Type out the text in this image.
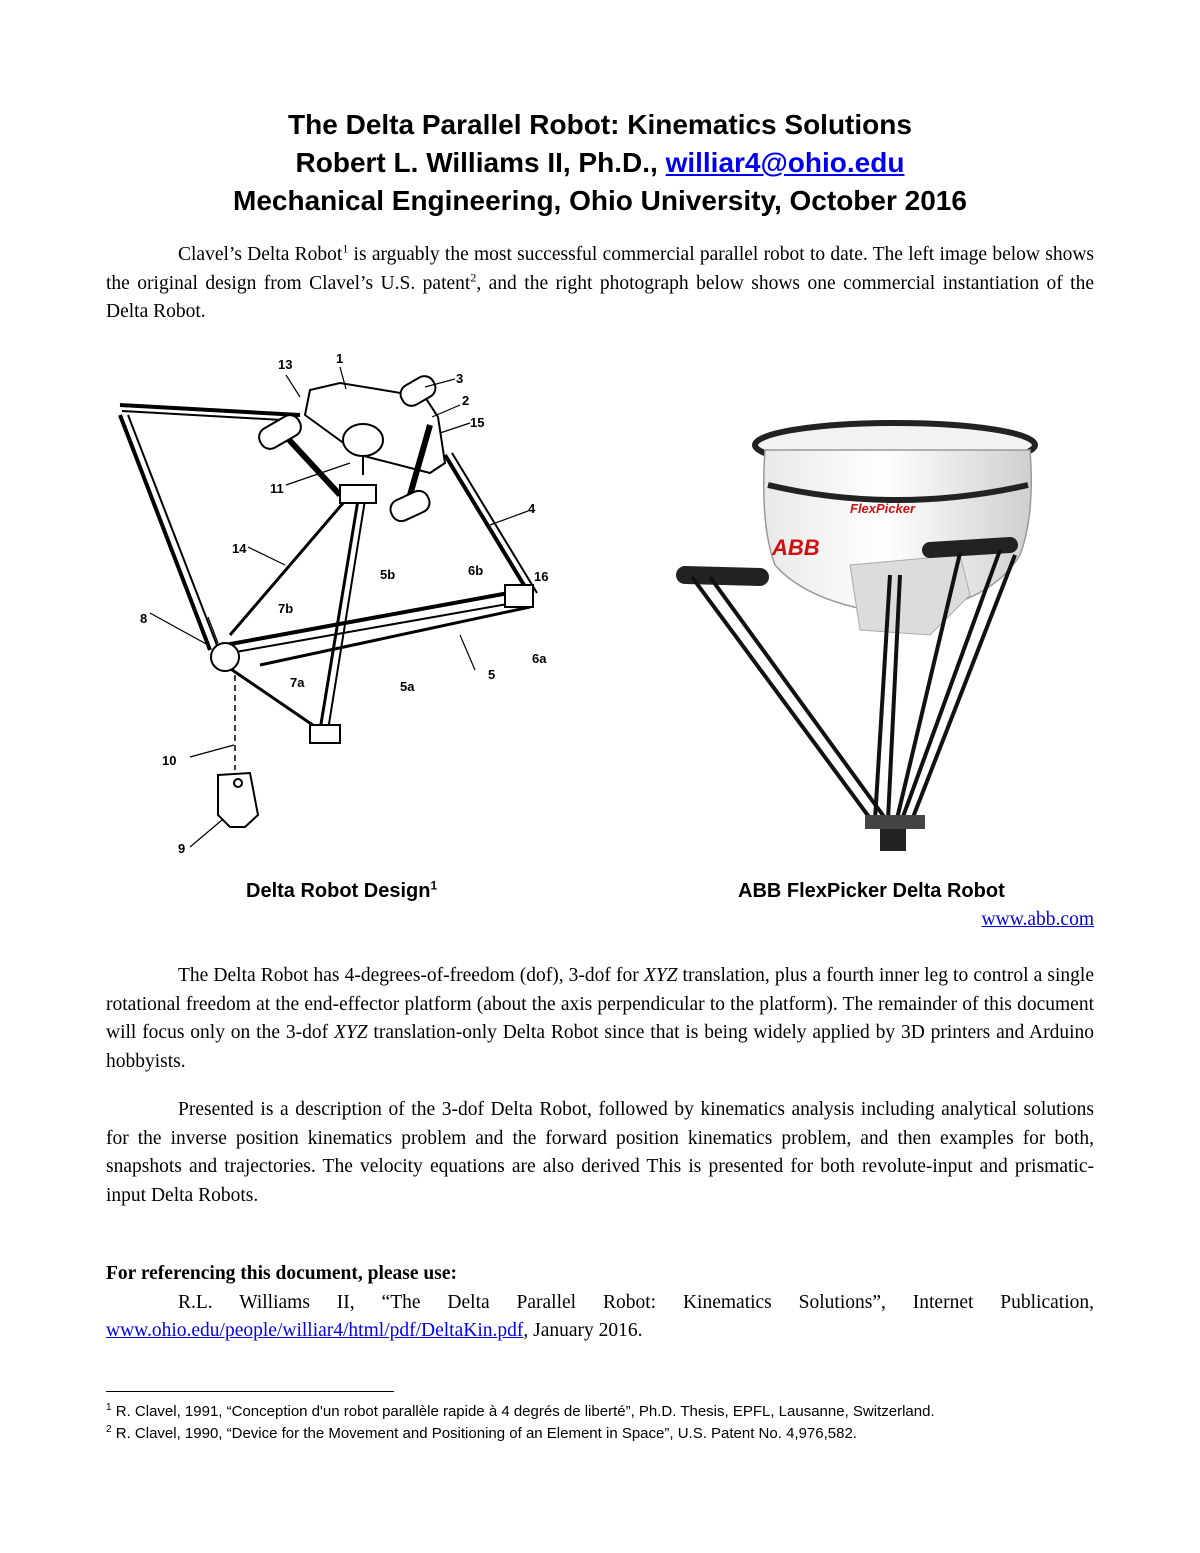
The Delta Parallel Robot: Kinematics Solutions
Robert L. Williams II, Ph.D., williar4@ohio.edu
Mechanical Engineering, Ohio University, October 2016
Clavel’s Delta Robot$^1$ is arguably the most successful commercial parallel robot to date. The left image below shows the original design from Clavel’s U.S. patent$^2$, and the right photograph below shows one commercial instantiation of the Delta Robot.
13	1
3
2
15
11
4
14
5b	6b	16
8
7b
6a
7a	5a
5
10
9
ABB
FlexPicker
Delta Robot Design$^1$	ABB FlexPicker Delta Robot
www.abb.com
The Delta Robot has 4-degrees-of-freedom (dof), 3-dof for XYZ translation, plus a fourth inner leg to control a single rotational freedom at the end-effector platform (about the axis perpendicular to the platform). The remainder of this document will focus only on the 3-dof XYZ translation-only Delta Robot since that is being widely applied by 3D printers and Arduino hobbyists.
Presented is a description of the 3-dof Delta Robot, followed by kinematics analysis including analytical solutions for the inverse position kinematics problem and the forward position kinematics problem, and then examples for both, snapshots and trajectories. The velocity equations are also derived This is presented for both revolute-input and prismatic-input Delta Robots.
For referencing this document, please use:
R.L. Williams II, “The Delta Parallel Robot: Kinematics Solutions”, Internet Publication, www.ohio.edu/people/williar4/html/pdf/DeltaKin.pdf, January 2016.
$^1$ R. Clavel, 1991, “Conception d'un robot parallèle rapide à 4 degrés de liberté”, Ph.D. Thesis, EPFL, Lausanne, Switzerland.
$^2$ R. Clavel, 1990, “Device for the Movement and Positioning of an Element in Space”, U.S. Patent No. 4,976,582.
